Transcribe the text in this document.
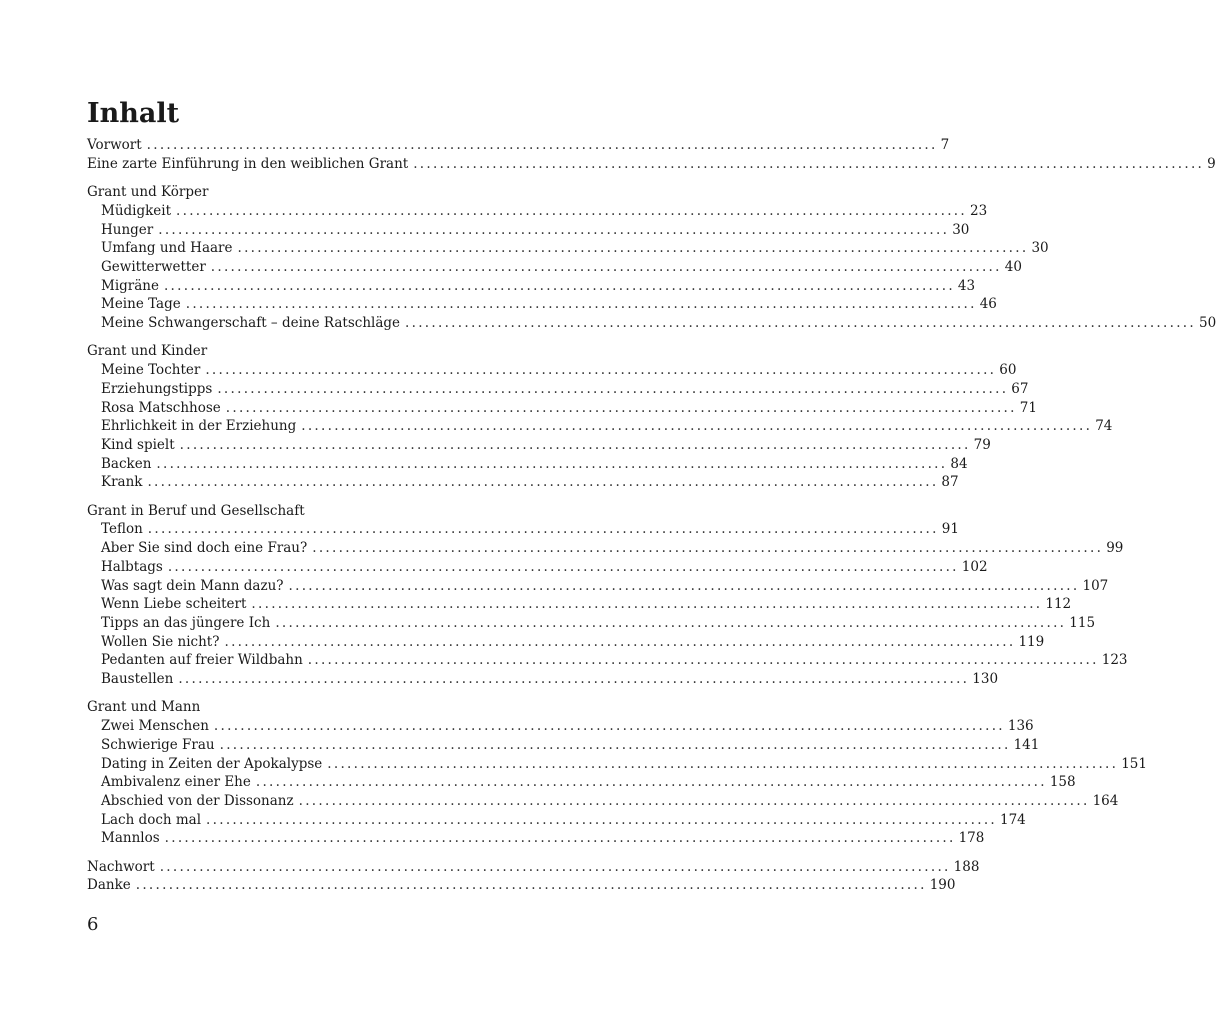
Inhalt
Vorwort ........................................................................................................................ 7
Eine zarte Einführung in den weiblichen Grant ........................................................................................................................ 9
Grant und Körper
Müdigkeit ........................................................................................................................ 23
Hunger ........................................................................................................................ 30
Umfang und Haare ........................................................................................................................ 30
Gewitterwetter ........................................................................................................................ 40
Migräne ........................................................................................................................ 43
Meine Tage ........................................................................................................................ 46
Meine Schwangerschaft – deine Ratschläge ........................................................................................................................ 50
Grant und Kinder
Meine Tochter ........................................................................................................................ 60
Erziehungstipps ........................................................................................................................ 67
Rosa Matschhose ........................................................................................................................ 71
Ehrlichkeit in der Erziehung ........................................................................................................................ 74
Kind spielt ........................................................................................................................ 79
Backen ........................................................................................................................ 84
Krank ........................................................................................................................ 87
Grant in Beruf und Gesellschaft
Teflon ........................................................................................................................ 91
Aber Sie sind doch eine Frau? ........................................................................................................................ 99
Halbtags ........................................................................................................................ 102
Was sagt dein Mann dazu? ........................................................................................................................ 107
Wenn Liebe scheitert ........................................................................................................................ 112
Tipps an das jüngere Ich ........................................................................................................................ 115
Wollen Sie nicht? ........................................................................................................................ 119
Pedanten auf freier Wildbahn ........................................................................................................................ 123
Baustellen ........................................................................................................................ 130
Grant und Mann
Zwei Menschen ........................................................................................................................ 136
Schwierige Frau ........................................................................................................................ 141
Dating in Zeiten der Apokalypse ........................................................................................................................ 151
Ambivalenz einer Ehe ........................................................................................................................ 158
Abschied von der Dissonanz ........................................................................................................................ 164
Lach doch mal ........................................................................................................................ 174
Mannlos ........................................................................................................................ 178
Nachwort ........................................................................................................................ 188
Danke ........................................................................................................................ 190
6
